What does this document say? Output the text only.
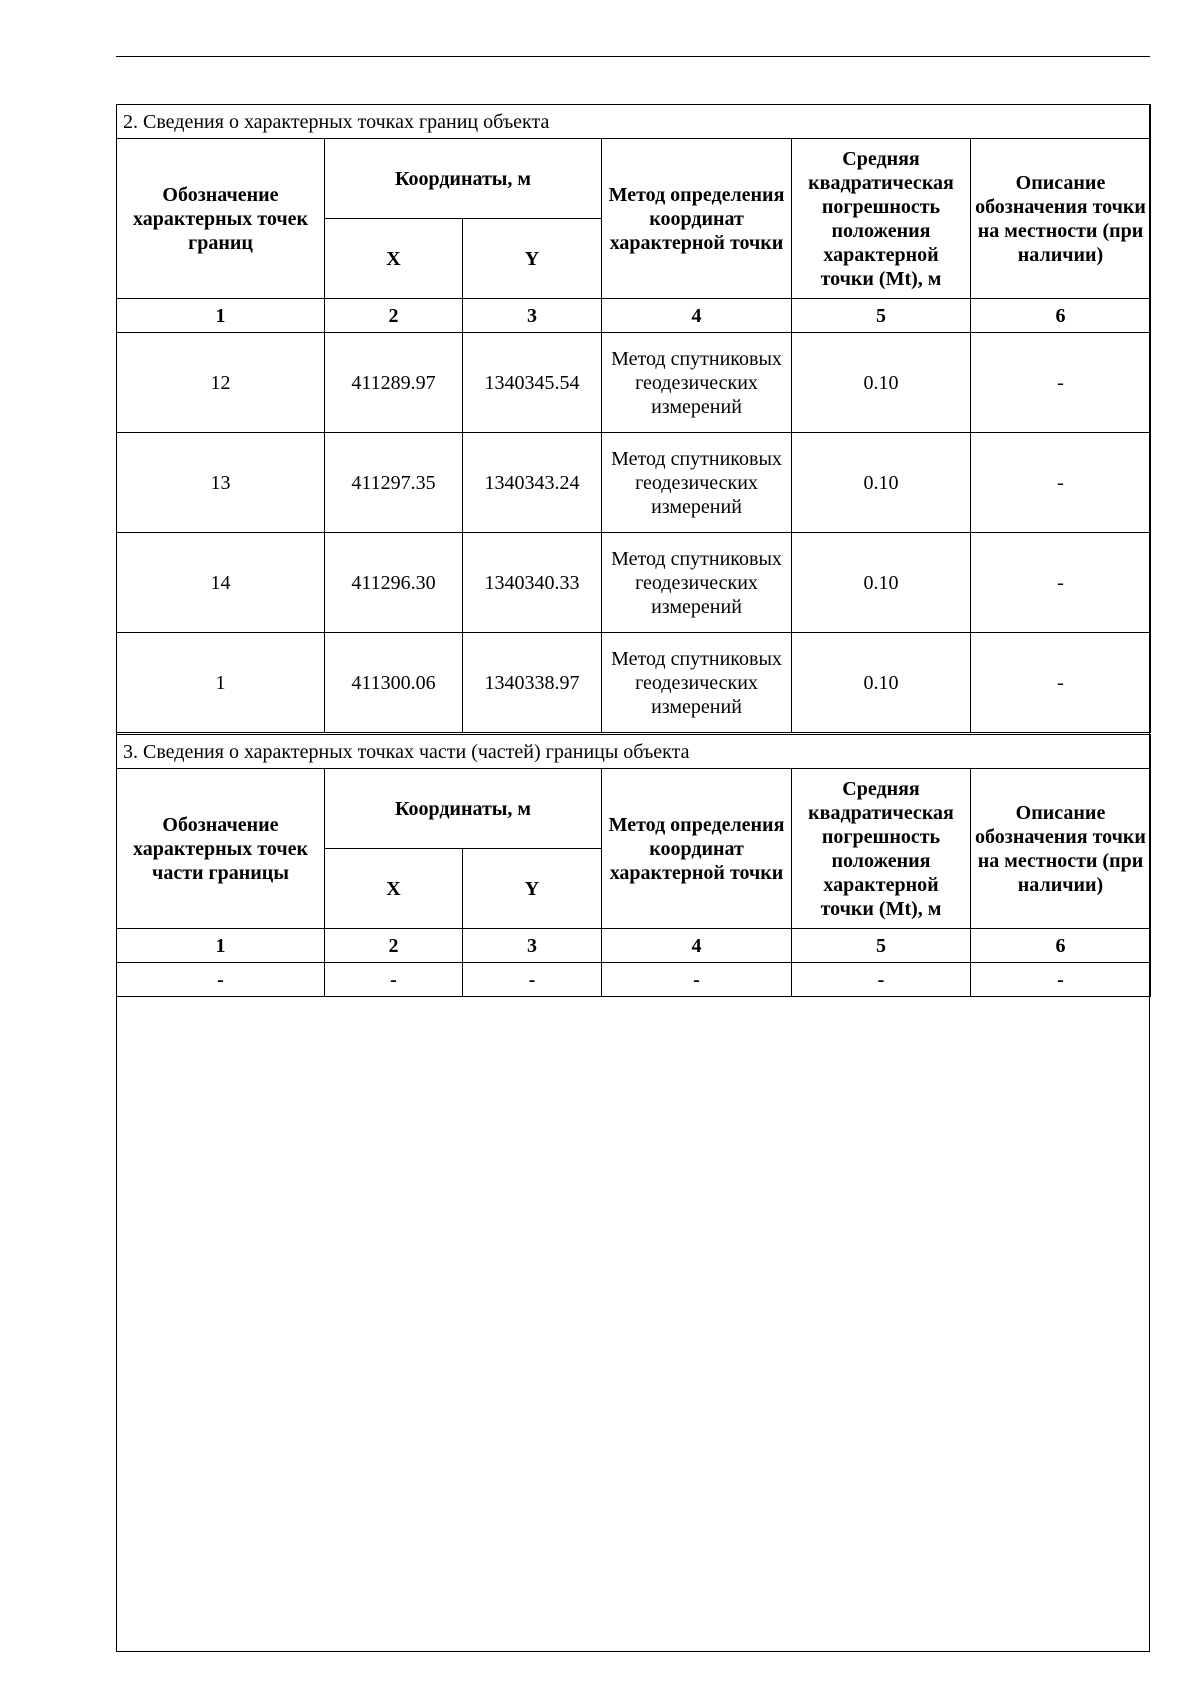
2. Сведения о характерных точках границ объекта					
Обозначение характерных точек границ	Координаты, м		Метод определения координат характерной точки	Средняя квадратическая погрешность положения характерной точки (Mt), м	Описание обозначения точки на местности (при наличии)
	X	Y			
1	2	3	4	5	6
12	411289.97	1340345.54	Метод спутниковых геодезических измерений	0.10	-
13	411297.35	1340343.24	Метод спутниковых геодезических измерений	0.10	-
14	411296.30	1340340.33	Метод спутниковых геодезических измерений	0.10	-
1	411300.06	1340338.97	Метод спутниковых геодезических измерений	0.10	-
3. Сведения о характерных точках части (частей) границы объекта					
Обозначение характерных точек части границы	Координаты, м		Метод определения координат характерной точки	Средняя квадратическая погрешность положения характерной точки (Mt), м	Описание обозначения точки на местности (при наличии)
	X	Y			
1	2	3	4	5	6
-	-	-	-	-	-
